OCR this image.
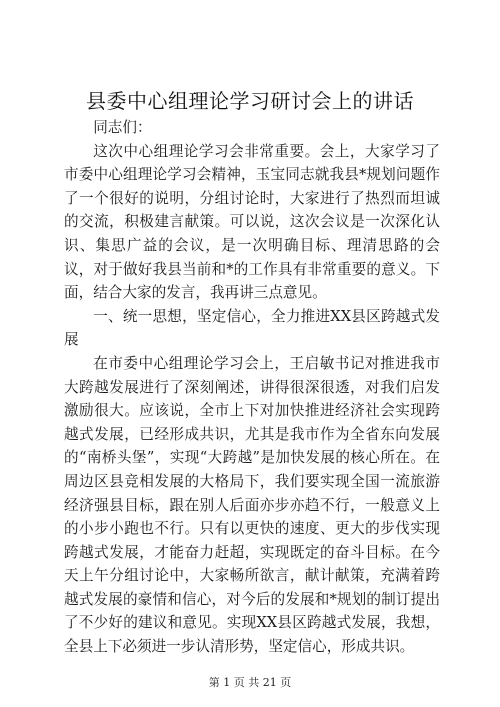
县委中心组理论学习研讨会上的讲话

同志们：

这次中心组理论学习会非常重要。会上，大家学习了市委中心组理论学习会精神，玉宝同志就我县*规划问题作了一个很好的说明，分组讨论时，大家进行了热烈而坦诚的交流，积极建言献策。可以说，这次会议是一次深化认识、集思广益的会议，是一次明确目标、理清思路的会议，对于做好我县当前和*的工作具有非常重要的意义。下面，结合大家的发言，我再讲三点意见。

一、统一思想，坚定信心，全力推进XX县区跨越式发展

在市委中心组理论学习会上，王启敏书记对推进我市大跨越发展进行了深刻阐述，讲得很深很透，对我们启发激励很大。应该说，全市上下对加快推进经济社会实现跨越式发展，已经形成共识，尤其是我市作为全省东向发展的“南桥头堡”，实现“大跨越”是加快发展的核心所在。在周边区县竞相发展的大格局下，我们要实现全国一流旅游经济强县目标，跟在别人后面亦步亦趋不行，一般意义上的小步小跑也不行。只有以更快的速度、更大的步伐实现跨越式发展，才能奋力赶超，实现既定的奋斗目标。在今天上午分组讨论中，大家畅所欲言，献计献策，充满着跨越式发展的豪情和信心，对今后的发展和*规划的制订提出了不少好的建议和意见。实现XX县区跨越式发展，我想，全县上下必须进一步认清形势，坚定信心，形成共识。

第 1 页 共 21 页
